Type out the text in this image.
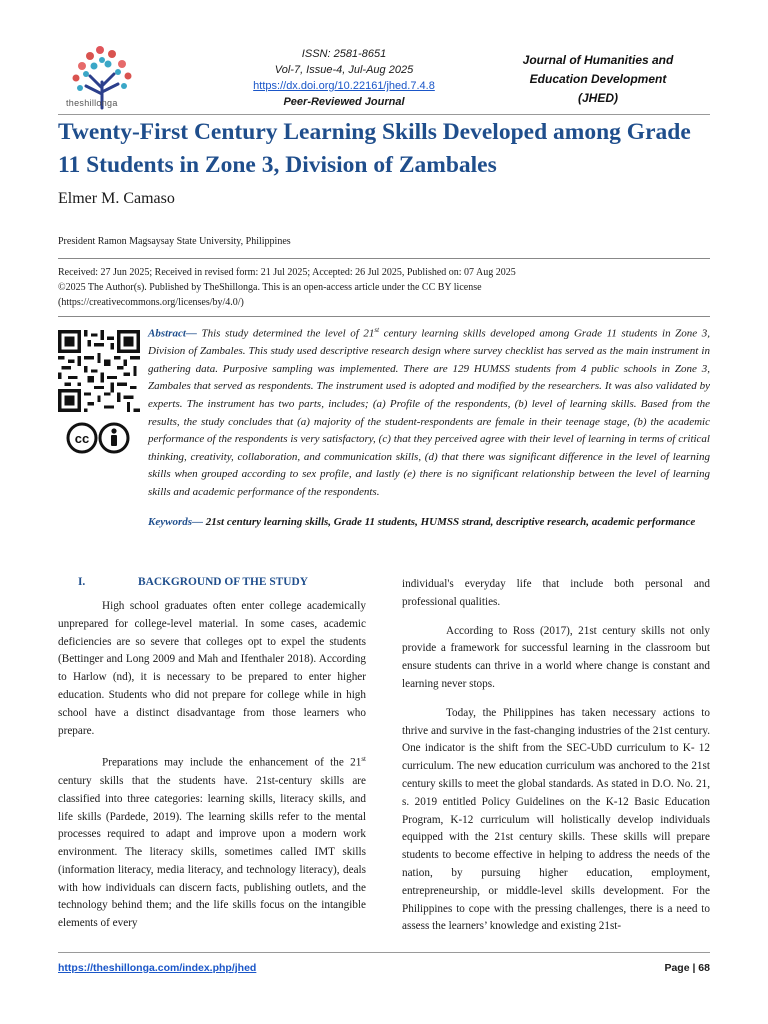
theshillonga
ISSN: 2581-8651
Vol-7, Issue-4, Jul-Aug 2025
https://dx.doi.org/10.22161/jhed.7.4.8
Peer-Reviewed Journal
Journal of Humanities and
Education Development
(JHED)
Twenty-First Century Learning Skills Developed among Grade 11 Students in Zone 3, Division of Zambales
Elmer M. Camaso
President Ramon Magsaysay State University, Philippines
Received: 27 Jun 2025; Received in revised form: 21 Jul 2025; Accepted: 26 Jul 2025, Published on: 07 Aug 2025
©2025 The Author(s). Published by TheShillonga. This is an open-access article under the CC BY license
(https://creativecommons.org/licenses/by/4.0/)
cc
Abstract— This study determined the level of 21st century learning skills developed among Grade 11 students in Zone 3, Division of Zambales. This study used descriptive research design where survey checklist has served as the main instrument in gathering data. Purposive sampling was implemented. There are 129 HUMSS students from 4 public schools in Zone 3, Zambales that served as respondents. The instrument used is adopted and modified by the researchers. It was also validated by experts. The instrument has two parts, includes; (a) Profile of the respondents, (b) level of learning skills. Based from the results, the study concludes that (a) majority of the student-respondents are female in their teenage stage, (b) the academic performance of the respondents is very satisfactory, (c) that they perceived agree with their level of learning in terms of critical thinking, creativity, collaboration, and communication skills, (d) that there was significant difference in the level of learning skills when grouped according to sex profile, and lastly (e) there is no significant relationship between the level of learning skills and academic performance of the respondents.
Keywords— 21st century learning skills, Grade 11 students, HUMSS strand, descriptive research, academic performance
I.	BACKGROUND OF THE STUDY

High school graduates often enter college academically unprepared for college-level material. In some cases, academic deficiencies are so severe that colleges opt to expel the students (Bettinger and Long 2009 and Mah and Ifenthaler 2018). According to Harlow (nd), it is necessary to be prepared to enter higher education. Students who did not prepare for college while in high school have a distinct disadvantage from those learners who prepare.

Preparations may include the enhancement of the 21st century skills that the students have. 21st-century skills are classified into three categories: learning skills, literacy skills, and life skills (Pardede, 2019). The learning skills refer to the mental processes required to adapt and improve upon a modern work environment. The literacy skills, sometimes called IMT skills (information literacy, media literacy, and technology literacy), deals with how individuals can discern facts, publishing outlets, and the technology behind them; and the life skills focus on the intangible elements of every

individual's everyday life that include both personal and professional qualities.

According to Ross (2017), 21st century skills not only provide a framework for successful learning in the classroom but ensure students can thrive in a world where change is constant and learning never stops.

Today, the Philippines has taken necessary actions to thrive and survive in the fast-changing industries of the 21st century. One indicator is the shift from the SEC-UbD curriculum to K- 12 curriculum. The new education curriculum was anchored to the 21st century skills to meet the global standards. As stated in D.O. No. 21, s. 2019 entitled Policy Guidelines on the K-12 Basic Education Program, K-12 curriculum will holistically develop individuals equipped with the 21st century skills. These skills will prepare students to become effective in helping to address the needs of the nation, by pursuing higher education, employment, entrepreneurship, or middle-level skills development. For the Philippines to cope with the pressing challenges, there is a need to assess the learners’ knowledge and existing 21st-

https://theshillonga.com/index.php/jhed	Page | 68
